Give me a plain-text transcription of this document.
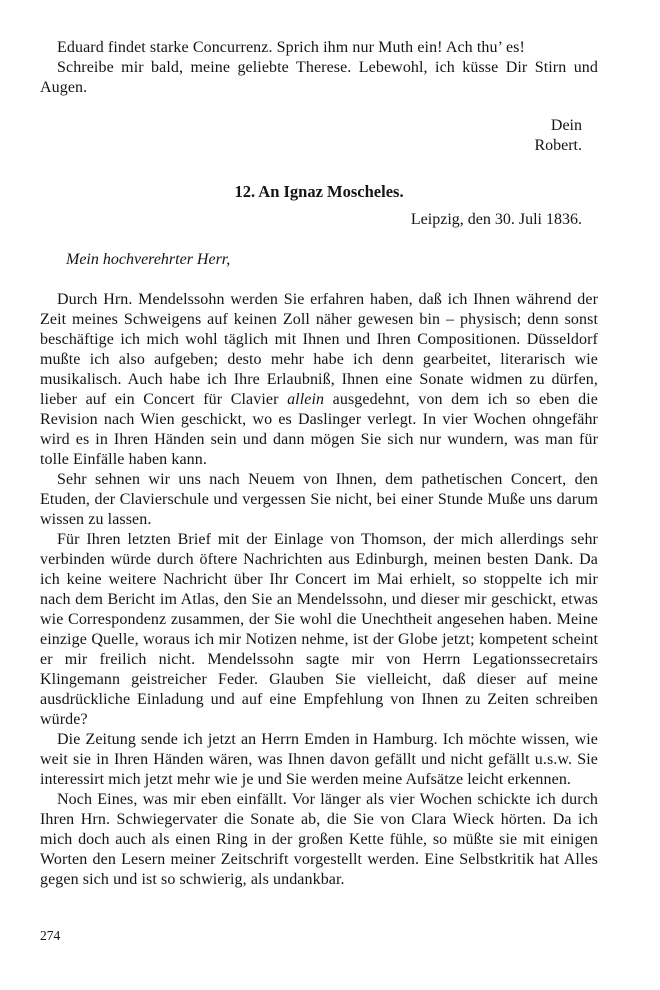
Eduard findet starke Concurrenz. Sprich ihm nur Muth ein! Ach thu’ es!

Schreibe mir bald, meine geliebte Therese. Lebewohl, ich küsse Dir Stirn und Augen.

Dein
Robert.
12. An Ignaz Moscheles.
Leipzig, den 30. Juli 1836.
Mein hochverehrter Herr,

Durch Hrn. Mendelssohn werden Sie erfahren haben, daß ich Ihnen während der Zeit meines Schweigens auf keinen Zoll näher gewesen bin – physisch; denn sonst beschäftige ich mich wohl täglich mit Ihnen und Ihren Compositionen. Düsseldorf mußte ich also aufgeben; desto mehr habe ich denn gearbeitet, literarisch wie musikalisch. Auch habe ich Ihre Erlaubniß, Ihnen eine Sonate widmen zu dürfen, lieber auf ein Concert für Clavier allein ausgedehnt, von dem ich so eben die Revision nach Wien geschickt, wo es Daslinger verlegt. In vier Wochen ohngefähr wird es in Ihren Händen sein und dann mögen Sie sich nur wundern, was man für tolle Einfälle haben kann.

Sehr sehnen wir uns nach Neuem von Ihnen, dem pathetischen Concert, den Etuden, der Clavierschule und vergessen Sie nicht, bei einer Stunde Muße uns darum wissen zu lassen.

Für Ihren letzten Brief mit der Einlage von Thomson, der mich allerdings sehr verbinden würde durch öftere Nachrichten aus Edinburgh, meinen besten Dank. Da ich keine weitere Nachricht über Ihr Concert im Mai erhielt, so stoppelte ich mir nach dem Bericht im Atlas, den Sie an Mendelssohn, und dieser mir geschickt, etwas wie Correspondenz zusammen, der Sie wohl die Unechtheit angesehen haben. Meine einzige Quelle, woraus ich mir Notizen nehme, ist der Globe jetzt; kompetent scheint er mir freilich nicht. Mendelssohn sagte mir von Herrn Legationssecretairs Klingemann geistreicher Feder. Glauben Sie vielleicht, daß dieser auf meine ausdrückliche Einladung und auf eine Empfehlung von Ihnen zu Zeiten schreiben würde?

Die Zeitung sende ich jetzt an Herrn Emden in Hamburg. Ich möchte wissen, wie weit sie in Ihren Händen wären, was Ihnen davon gefällt und nicht gefällt u.s.w. Sie interessirt mich jetzt mehr wie je und Sie werden meine Aufsätze leicht erkennen.

Noch Eines, was mir eben einfällt. Vor länger als vier Wochen schickte ich durch Ihren Hrn. Schwiegervater die Sonate ab, die Sie von Clara Wieck hörten. Da ich mich doch auch als einen Ring in der großen Kette fühle, so müßte sie mit einigen Worten den Lesern meiner Zeitschrift vorgestellt werden. Eine Selbstkritik hat Alles gegen sich und ist so schwierig, als undankbar.

274
